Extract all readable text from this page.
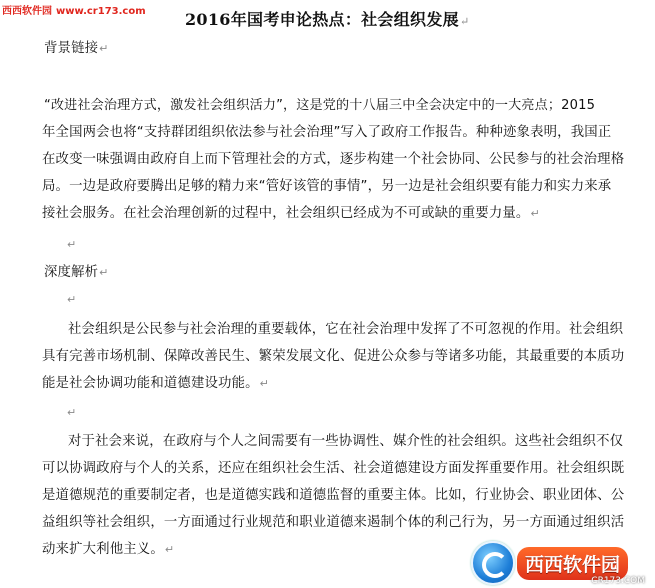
西西软件园 www.cr173.com 2016年国考申论热点：社会组织发展↵
背景链接↵
“改进社会治理方式，激发社会组织活力”，这是党的十八届三中全会决定中的一大亮点；2015
年全国两会也将“支持群团组织依法参与社会治理”写入了政府工作报告。种种迹象表明，我国正
在改变一味强调由政府自上而下管理社会的方式，逐步构建一个社会协同、公民参与的社会治理格
局。一边是政府要腾出足够的精力来“管好该管的事情”，另一边是社会组织要有能力和实力来承
接社会服务。在社会治理创新的过程中，社会组织已经成为不可或缺的重要力量。↵
↵
深度解析↵
↵
社会组织是公民参与社会治理的重要载体，它在社会治理中发挥了不可忽视的作用。社会组织
具有完善市场机制、保障改善民生、繁荣发展文化、促进公众参与等诸多功能，其最重要的本质功
能是社会协调功能和道德建设功能。↵
↵
对于社会来说，在政府与个人之间需要有一些协调性、媒介性的社会组织。这些社会组织不仅
可以协调政府与个人的关系，还应在组织社会生活、社会道德建设方面发挥重要作用。社会组织既
是道德规范的重要制定者，也是道德实践和道德监督的重要主体。比如，行业协会、职业团体、公
益组织等社会组织，一方面通过行业规范和职业道德来遏制个体的利己行为，另一方面通过组织活
动来扩大利他主义。↵
西西软件园
CR173.COM
